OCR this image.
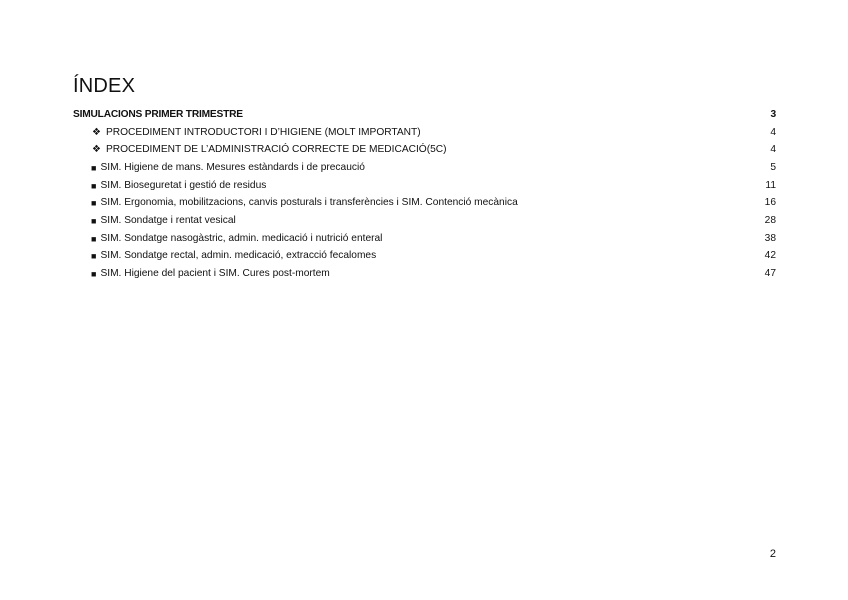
ÍNDEX
SIMULACIONS PRIMER TRIMESTRE	3
❖ PROCEDIMENT INTRODUCTORI I D’HIGIENE (MOLT IMPORTANT)	4
❖ PROCEDIMENT DE L’ADMINISTRACIÓ CORRECTE DE MEDICACIÓ(5C)	4
■ SIM. Higiene de mans. Mesures estàndards i de precaució	5
■ SIM. Bioseguretat i gestió de residus	11
■ SIM. Ergonomia, mobilitzacions, canvis posturals i transferències i SIM. Contenció mecànica	16
■ SIM. Sondatge i rentat vesical	28
■ SIM. Sondatge nasogàstric, admin. medicació i nutrició enteral	38
■ SIM. Sondatge rectal, admin. medicació, extracció fecalomes	42
■ SIM. Higiene del pacient i SIM. Cures post-mortem	47
2
